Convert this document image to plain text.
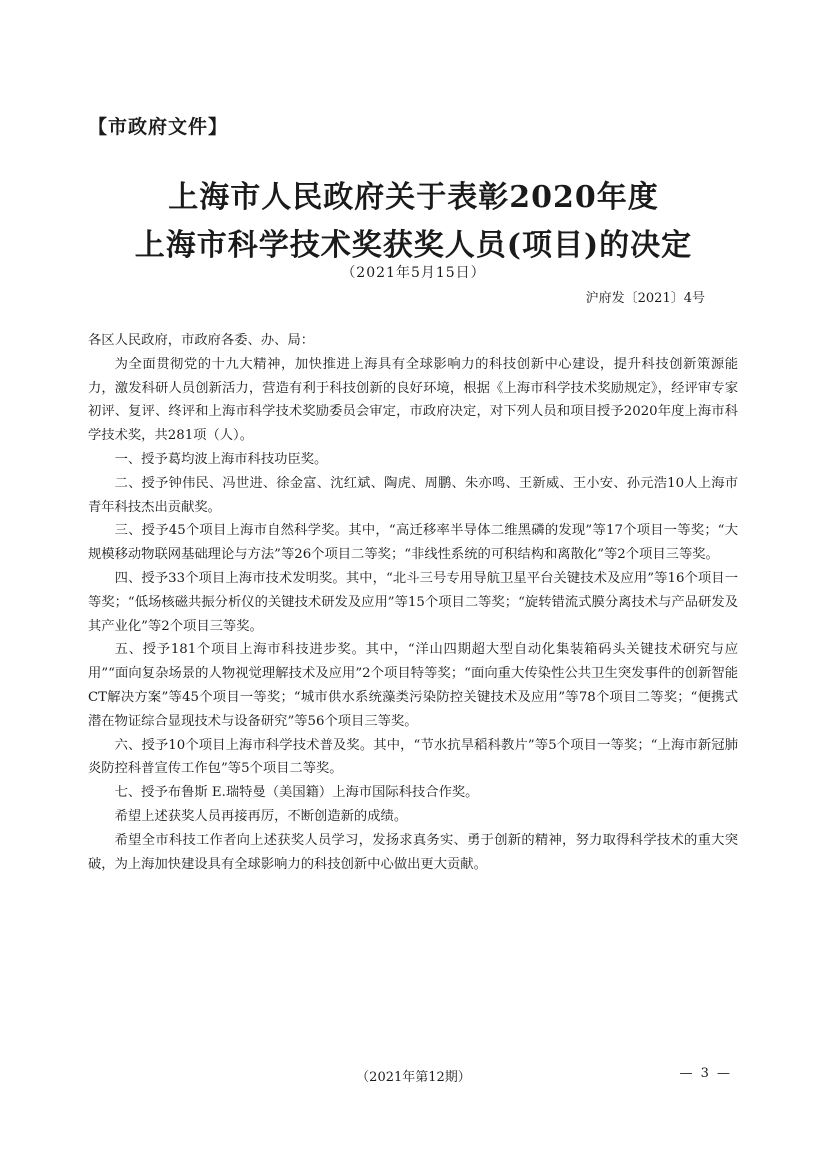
【市政府文件】
上海市人民政府关于表彰2020年度
上海市科学技术奖获奖人员(项目)的决定
（2021年5月15日）
沪府发〔2021〕4号

各区人民政府，市政府各委、办、局：

为全面贯彻党的十九大精神，加快推进上海具有全球影响力的科技创新中心建设，提升科技创新策源能力，激发科研人员创新活力，营造有利于科技创新的良好环境，根据《上海市科学技术奖励规定》，经评审专家初评、复评、终评和上海市科学技术奖励委员会审定，市政府决定，对下列人员和项目授予2020年度上海市科学技术奖，共281项（人）。

一、授予葛均波上海市科技功臣奖。

二、授予钟伟民、冯世进、徐金富、沈红斌、陶虎、周鹏、朱亦鸣、王新威、王小安、孙元浩10人上海市青年科技杰出贡献奖。

三、授予45个项目上海市自然科学奖。其中，“高迁移率半导体二维黑磷的发现”等17个项目一等奖；“大规模移动物联网基础理论与方法”等26个项目二等奖；“非线性系统的可积结构和离散化”等2个项目三等奖。

四、授予33个项目上海市技术发明奖。其中，“北斗三号专用导航卫星平台关键技术及应用”等16个项目一等奖；“低场核磁共振分析仪的关键技术研发及应用”等15个项目二等奖；“旋转错流式膜分离技术与产品研发及其产业化”等2个项目三等奖。

五、授予181个项目上海市科技进步奖。其中，“洋山四期超大型自动化集装箱码头关键技术研究与应用”“面向复杂场景的人物视觉理解技术及应用”2个项目特等奖；“面向重大传染性公共卫生突发事件的创新智能CT解决方案”等45个项目一等奖；“城市供水系统藻类污染防控关键技术及应用”等78个项目二等奖；“便携式潜在物证综合显现技术与设备研究”等56个项目三等奖。

六、授予10个项目上海市科学技术普及奖。其中，“节水抗旱稻科教片”等5个项目一等奖；“上海市新冠肺炎防控科普宣传工作包”等5个项目二等奖。

七、授予布鲁斯 E.瑞特曼（美国籍）上海市国际科技合作奖。

希望上述获奖人员再接再厉，不断创造新的成绩。

希望全市科技工作者向上述获奖人员学习，发扬求真务实、勇于创新的精神，努力取得科学技术的重大突破，为上海加快建设具有全球影响力的科技创新中心做出更大贡献。

（2021年第12期）	— 3 —
